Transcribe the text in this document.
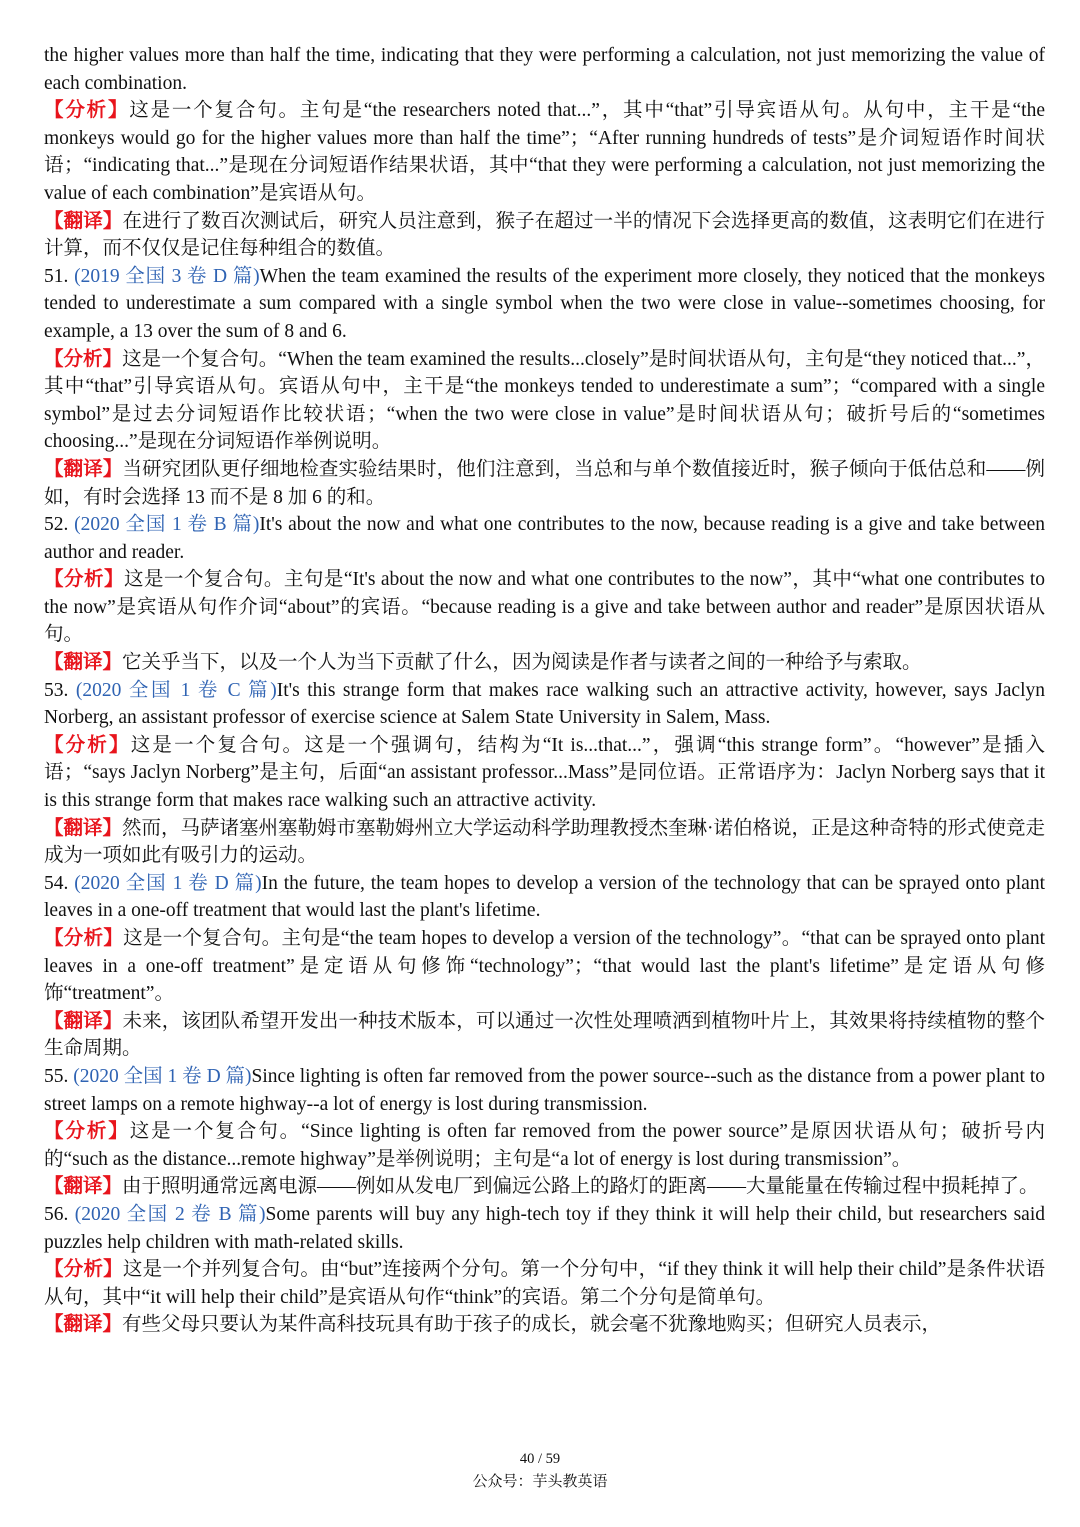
the higher values more than half the time, indicating that they were performing a calculation, not just memorizing the value of each combination.

【分析】这是一个复合句。主句是“the researchers noted that...”，其中“that”引导宾语从句。从句中，主干是“the monkeys would go for the higher values more than half the time”；“After running hundreds of tests”是介词短语作时间状语；“indicating that...”是现在分词短语作结果状语，其中“that they were performing a calculation, not just memorizing the value of each combination”是宾语从句。

【翻译】在进行了数百次测试后，研究人员注意到，猴子在超过一半的情况下会选择更高的数值，这表明它们在进行计算，而不仅仅是记住每种组合的数值。

51. (2019 全国 3 卷 D 篇)When the team examined the results of the experiment more closely, they noticed that the monkeys tended to underestimate a sum compared with a single symbol when the two were close in value--sometimes choosing, for example, a 13 over the sum of 8 and 6.

【分析】这是一个复合句。“When the team examined the results...closely”是时间状语从句，主句是“they noticed that...”，其中“that”引导宾语从句。宾语从句中，主干是“the monkeys tended to underestimate a sum”；“compared with a single symbol”是过去分词短语作比较状语；“when the two were close in value”是时间状语从句；破折号后的“sometimes choosing...”是现在分词短语作举例说明。

【翻译】当研究团队更仔细地检查实验结果时，他们注意到，当总和与单个数值接近时，猴子倾向于低估总和——例如，有时会选择 13 而不是 8 加 6 的和。

52. (2020 全国 1 卷 B 篇)It's about the now and what one contributes to the now, because reading is a give and take between author and reader.

【分析】这是一个复合句。主句是“It's about the now and what one contributes to the now”，其中“what one contributes to the now”是宾语从句作介词“about”的宾语。“because reading is a give and take between author and reader”是原因状语从句。

【翻译】它关乎当下，以及一个人为当下贡献了什么，因为阅读是作者与读者之间的一种给予与索取。

53. (2020 全国 1 卷 C 篇)It's this strange form that makes race walking such an attractive activity, however, says Jaclyn Norberg, an assistant professor of exercise science at Salem State University in Salem, Mass.

【分析】这是一个复合句。这是一个强调句，结构为“It is...that...”，强调“this strange form”。“however”是插入语；“says Jaclyn Norberg”是主句，后面“an assistant professor...Mass”是同位语。正常语序为：Jaclyn Norberg says that it is this strange form that makes race walking such an attractive activity.

【翻译】然而，马萨诸塞州塞勒姆市塞勒姆州立大学运动科学助理教授杰奎琳·诺伯格说，正是这种奇特的形式使竞走成为一项如此有吸引力的运动。

54. (2020 全国 1 卷 D 篇)In the future, the team hopes to develop a version of the technology that can be sprayed onto plant leaves in a one-off treatment that would last the plant's lifetime.

【分析】这是一个复合句。主句是“the team hopes to develop a version of the technology”。“that can be sprayed onto plant leaves in a one-off treatment”是定语从句修饰“technology”；“that would last the plant's lifetime”是定语从句修饰“treatment”。

【翻译】未来，该团队希望开发出一种技术版本，可以通过一次性处理喷洒到植物叶片上，其效果将持续植物的整个生命周期。

55. (2020 全国 1 卷 D 篇)Since lighting is often far removed from the power source--such as the distance from a power plant to street lamps on a remote highway--a lot of energy is lost during transmission.

【分析】这是一个复合句。“Since lighting is often far removed from the power source”是原因状语从句；破折号内的“such as the distance...remote highway”是举例说明；主句是“a lot of energy is lost during transmission”。

【翻译】由于照明通常远离电源——例如从发电厂到偏远公路上的路灯的距离——大量能量在传输过程中损耗掉了。

56. (2020 全国 2 卷 B 篇)Some parents will buy any high-tech toy if they think it will help their child, but researchers said puzzles help children with math-related skills.

【分析】这是一个并列复合句。由“but”连接两个分句。第一个分句中，“if they think it will help their child”是条件状语从句，其中“it will help their child”是宾语从句作“think”的宾语。第二个分句是简单句。

【翻译】有些父母只要认为某件高科技玩具有助于孩子的成长，就会毫不犹豫地购买；但研究人员表示，

40 / 59
公众号：芋头教英语
